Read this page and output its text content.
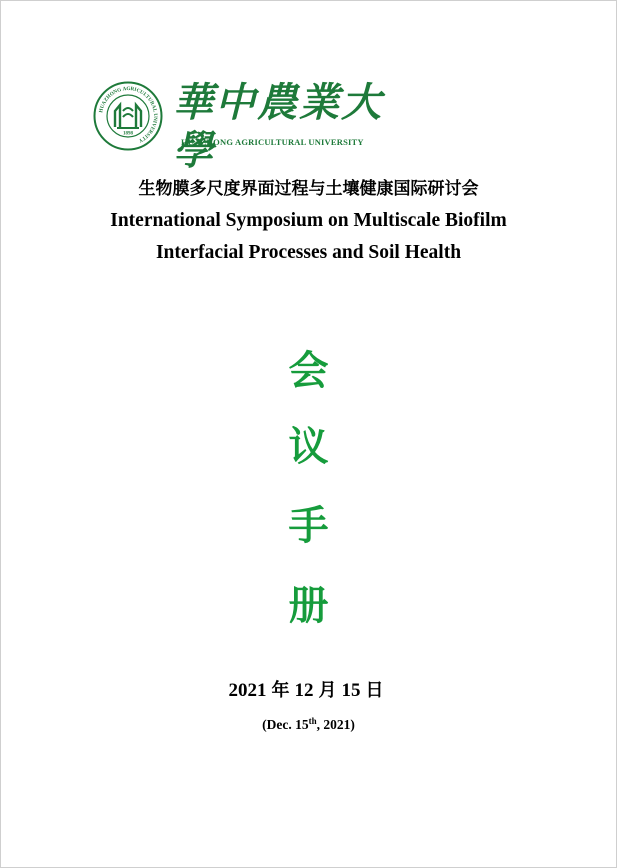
HUAZHONG AGRICULTURAL UNIVERSITY
1898
華中農業大學
HUAZHONG AGRICULTURAL UNIVERSITY
生物膜多尺度界面过程与土壤健康国际研讨会
International Symposium on Multiscale Biofilm
Interfacial Processes and Soil Health
会
议
手
册
2021 年 12 月 15 日
(Dec. 15th, 2021)
